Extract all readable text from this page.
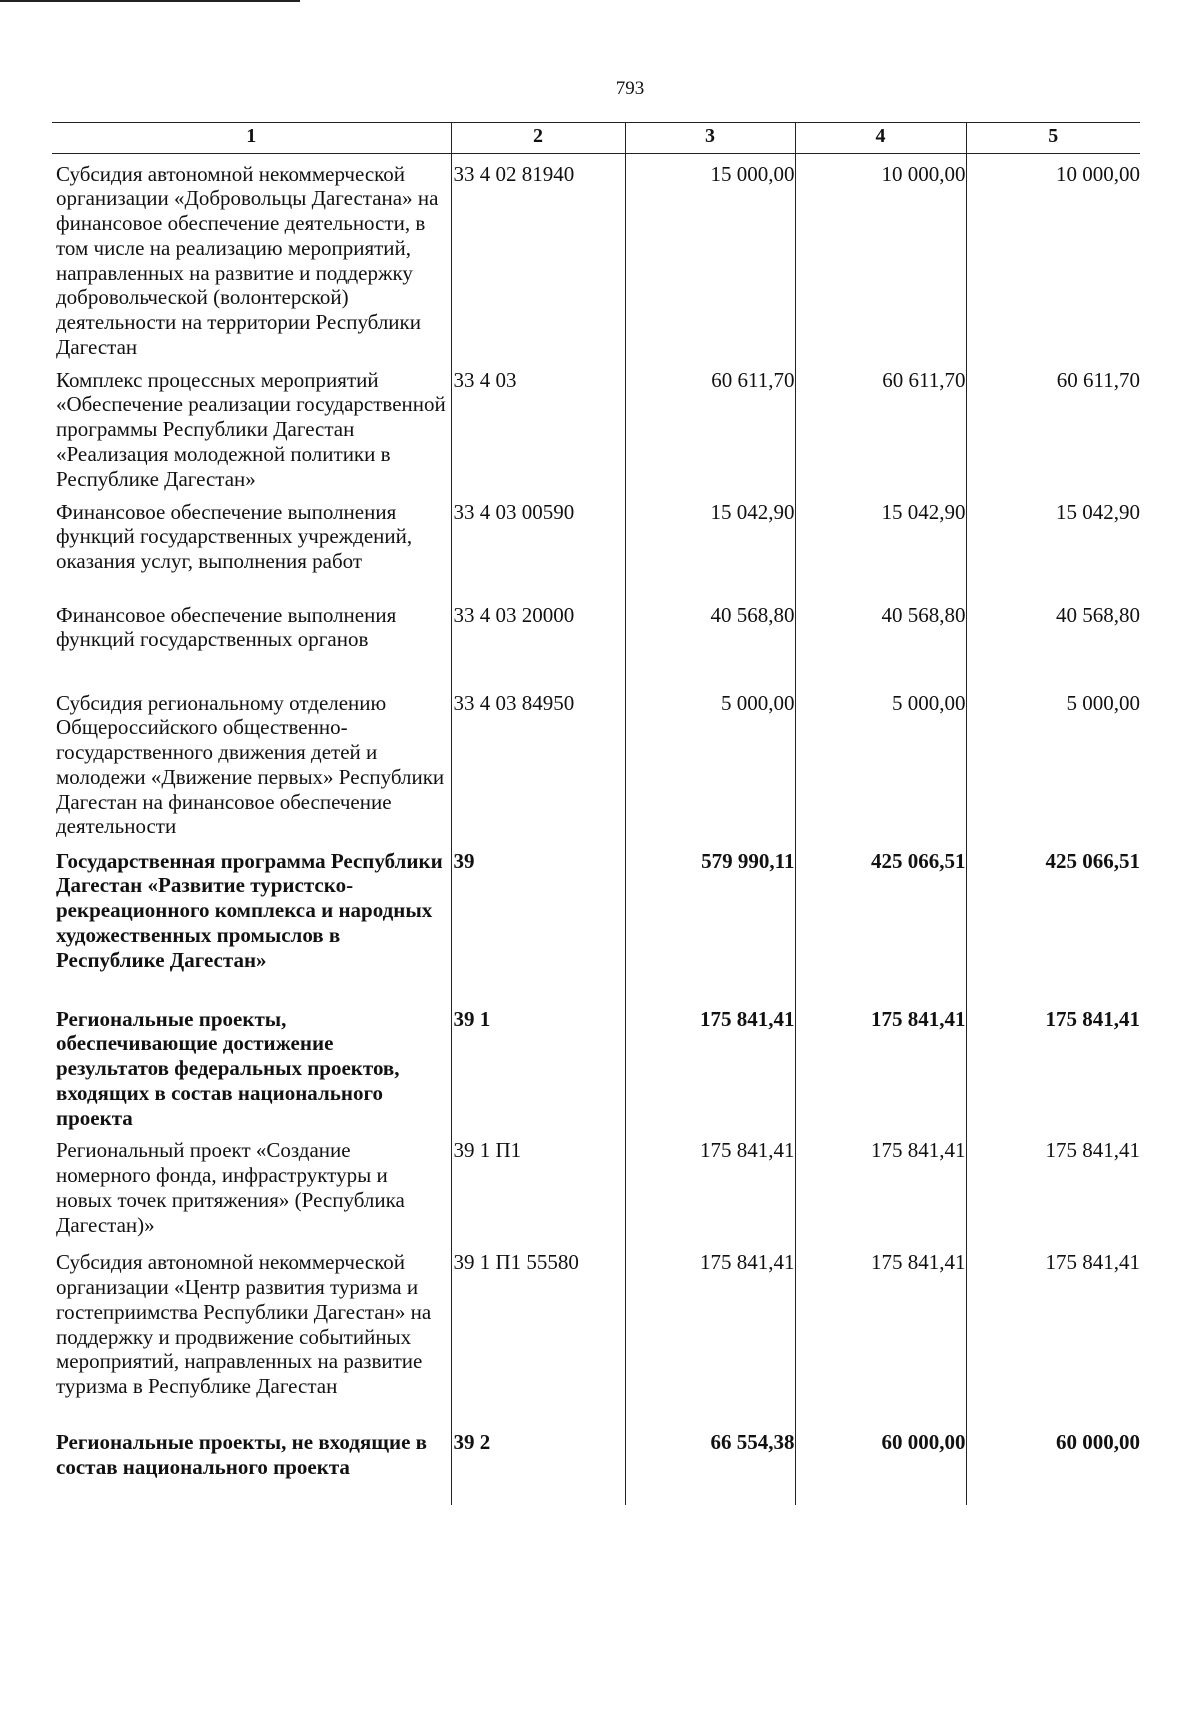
793
1	2	3	4	5
Субсидия автономной некоммерческой организации «Добровольцы Дагестана» на финансовое обеспечение деятельности, в том числе на реализацию мероприятий, направленных на развитие и поддержку добровольческой (волонтерской) деятельности на территории Республики Дагестан	33 4 02 81940	15 000,00	10 000,00	10 000,00
Комплекс процессных мероприятий «Обеспечение реализации государственной программы Республики Дагестан «Реализация молодежной политики в Республике Дагестан»	33 4 03	60 611,70	60 611,70	60 611,70
Финансовое обеспечение выполнения функций государственных учреждений, оказания услуг, выполнения работ	33 4 03 00590	15 042,90	15 042,90	15 042,90
Финансовое обеспечение выполнения функций государственных органов	33 4 03 20000	40 568,80	40 568,80	40 568,80
Субсидия региональному отделению Общероссийского общественно-государственного движения детей и молодежи «Движение первых» Республики Дагестан на финансовое обеспечение деятельности	33 4 03 84950	5 000,00	5 000,00	5 000,00
Государственная программа Республики Дагестан «Развитие туристско-рекреационного комплекса и народных художественных промыслов в Республике Дагестан»	39	579 990,11	425 066,51	425 066,51
Региональные проекты, обеспечивающие достижение результатов федеральных проектов, входящих в состав национального проекта	39 1	175 841,41	175 841,41	175 841,41
Региональный проект «Создание номерного фонда, инфраструктуры и новых точек притяжения» (Республика Дагестан)»	39 1 П1	175 841,41	175 841,41	175 841,41
Субсидия автономной некоммерческой организации «Центр развития туризма и гостеприимства Республики Дагестан» на поддержку и продвижение событийных мероприятий, направленных на развитие туризма в Республике Дагестан	39 1 П1 55580	175 841,41	175 841,41	175 841,41
Региональные проекты, не входящие в состав национального проекта	39 2	66 554,38	60 000,00	60 000,00
